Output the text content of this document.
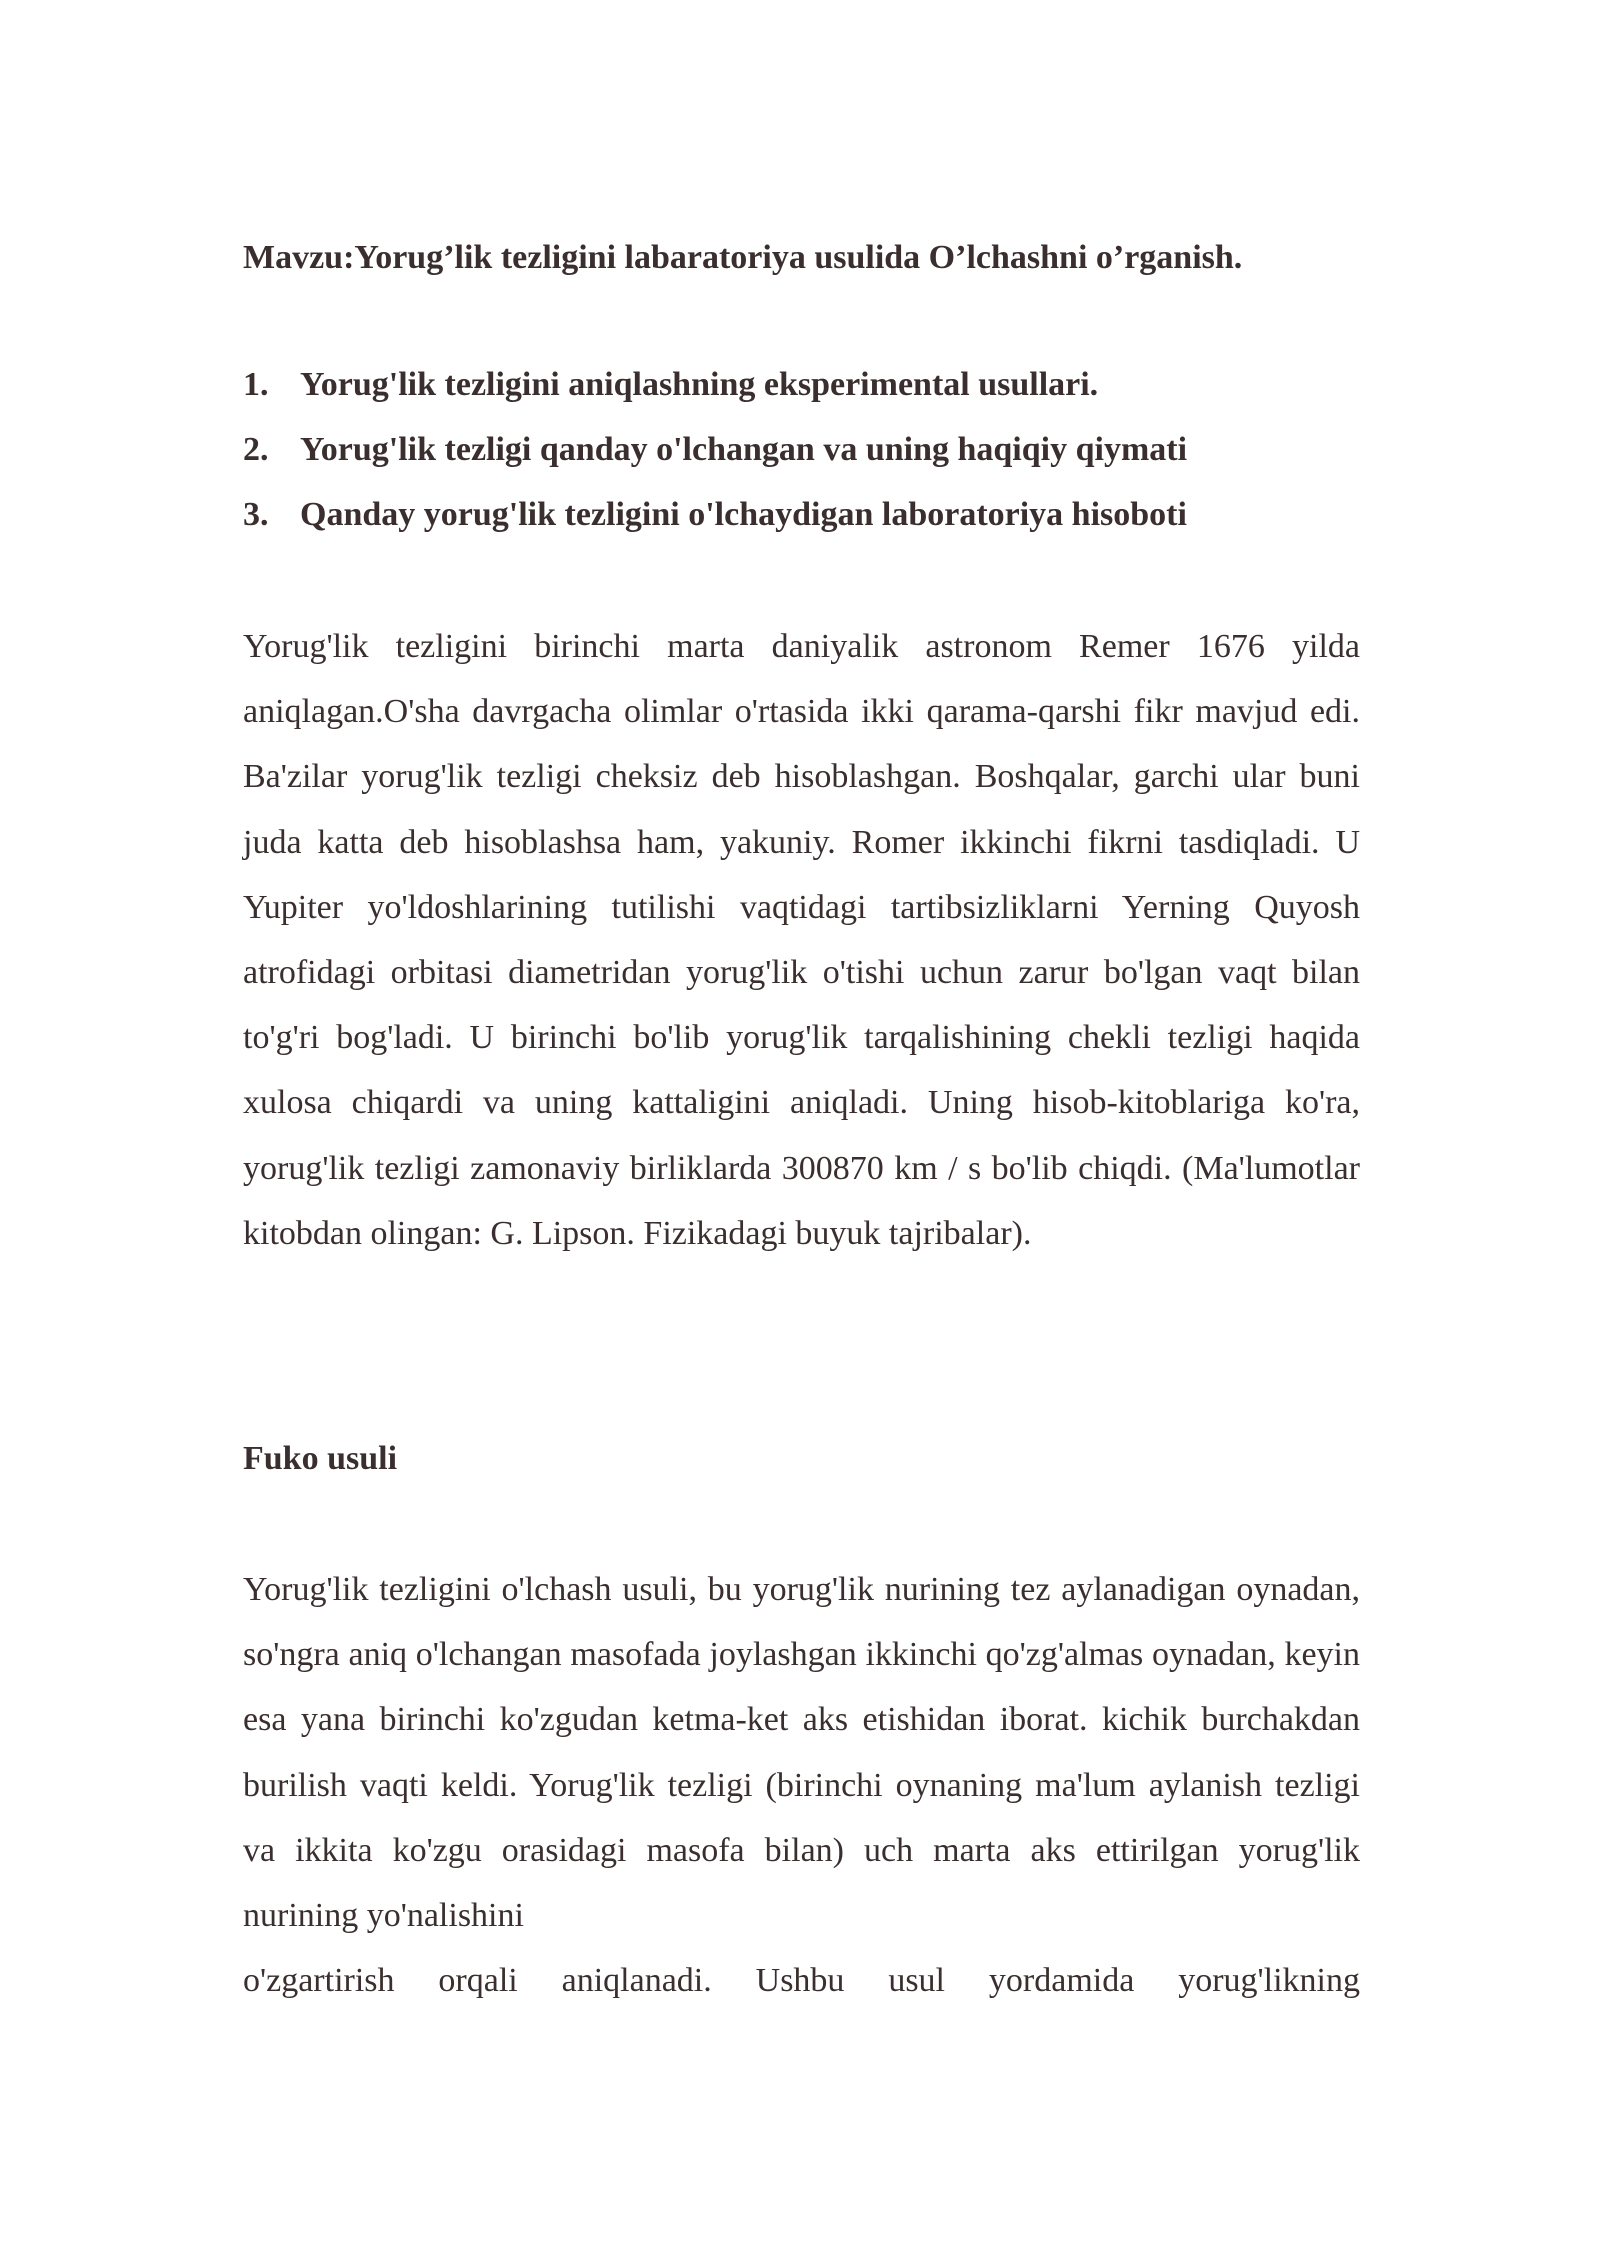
Mavzu:Yorug’lik tezligini labaratoriya usulida O’lchashni o’rganish.
1. Yorug'lik tezligini aniqlashning eksperimental usullari.
2. Yorug'lik tezligi qanday o'lchangan va uning haqiqiy qiymati
3. Qanday yorug'lik tezligini o'lchaydigan laboratoriya hisoboti

Yorug'lik tezligini birinchi marta daniyalik astronom Remer 1676 yilda aniqlagan.O'sha davrgacha olimlar o'rtasida ikki qarama-qarshi fikr mavjud edi. Ba'zilar yorug'lik tezligi cheksiz deb hisoblashgan. Boshqalar, garchi ular buni juda katta deb hisoblashsa ham, yakuniy. Romer ikkinchi fikrni tasdiqladi. U Yupiter yo'ldoshlarining tutilishi vaqtidagi tartibsizliklarni Yerning Quyosh atrofidagi orbitasi diametridan yorug'lik o'tishi uchun zarur bo'lgan vaqt bilan to'g'ri bog'ladi. U birinchi bo'lib yorug'lik tarqalishining chekli tezligi haqida xulosa chiqardi va uning kattaligini aniqladi. Uning hisob-kitoblariga ko'ra, yorug'lik tezligi zamonaviy birliklarda 300870 km / s bo'lib chiqdi. (Ma'lumotlar kitobdan olingan: G. Lipson. Fizikadagi buyuk tajribalar).

Fuko usuli

Yorug'lik tezligini o'lchash usuli, bu yorug'lik nurining tez aylanadigan oynadan, so'ngra aniq o'lchangan masofada joylashgan ikkinchi qo'zg'almas oynadan, keyin esa yana birinchi ko'zgudan ketma-ket aks etishidan iborat. kichik burchakdan burilish vaqti keldi. Yorug'lik tezligi (birinchi oynaning ma'lum aylanish tezligi va ikkita ko'zgu orasidagi masofa bilan) uch marta aks ettirilgan yorug'lik nurining yo'nalishini
o'zgartirish orqali aniqlanadi. Ushbu usul yordamida yorug'likning
